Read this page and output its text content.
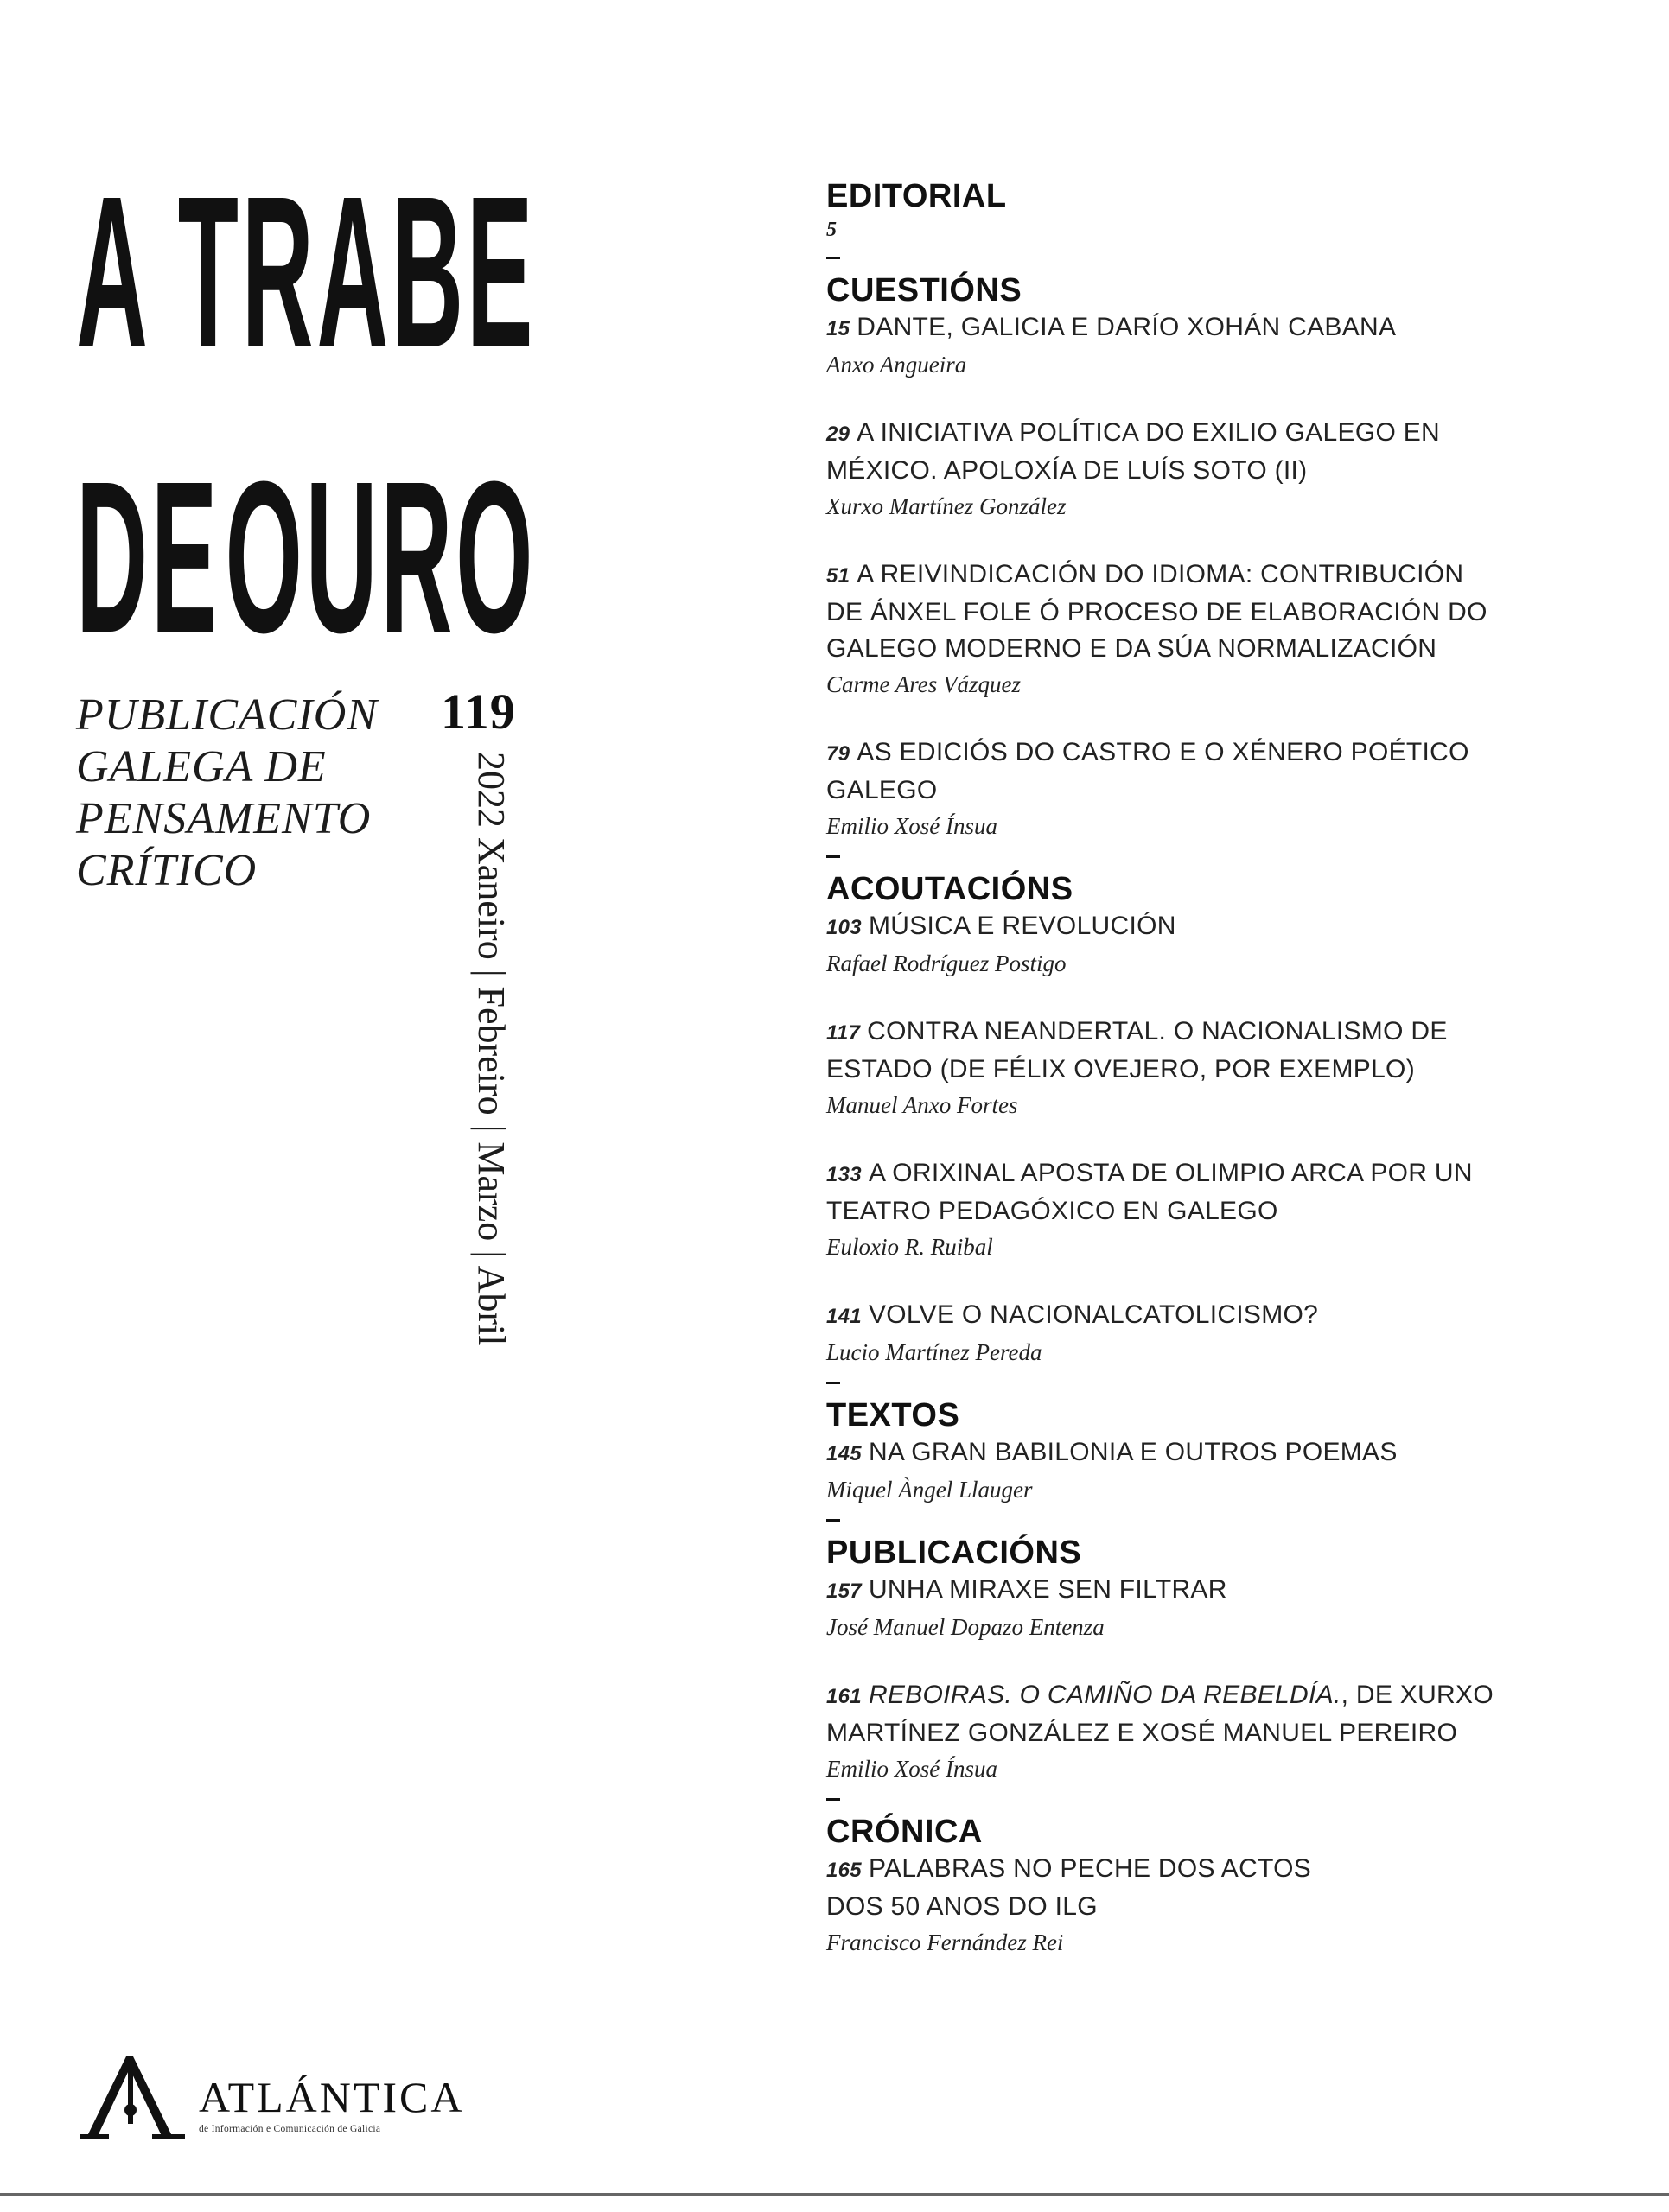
A TRABE
DE OURO
PUBLICACIÓN
GALEGA DE
PENSAMENTO
CRÍTICO
119
2022 Xaneiro | Febreiro | Marzo | Abril
EDITORIAL
5
CUESTIÓNS
15 DANTE, GALICIA E DARÍO XOHÁN CABANA
Anxo Angueira
29 A INICIATIVA POLÍTICA DO EXILIO GALEGO EN
MÉXICO. APOLOXÍA DE LUÍS SOTO (II)
Xurxo Martínez González
51 A REIVINDICACIÓN DO IDIOMA: CONTRIBUCIÓN
DE ÁNXEL FOLE Ó PROCESO DE ELABORACIÓN DO
GALEGO MODERNO E DA SÚA NORMALIZACIÓN
Carme Ares Vázquez
79 AS EDICIÓS DO CASTRO E O XÉNERO POÉTICO
GALEGO
Emilio Xosé Ínsua
ACOUTACIÓNS
103 MÚSICA E REVOLUCIÓN
Rafael Rodríguez Postigo
117 CONTRA NEANDERTAL. O NACIONALISMO DE
ESTADO (DE FÉLIX OVEJERO, POR EXEMPLO)
Manuel Anxo Fortes
133 A ORIXINAL APOSTA DE OLIMPIO ARCA POR UN
TEATRO PEDAGÓXICO EN GALEGO
Euloxio R. Ruibal
141 VOLVE O NACIONALCATOLICISMO?
Lucio Martínez Pereda
TEXTOS
145 NA GRAN BABILONIA E OUTROS POEMAS
Miquel Àngel Llauger
PUBLICACIÓNS
157 UNHA MIRAXE SEN FILTRAR
José Manuel Dopazo Entenza
161 REBOIRAS. O CAMIÑO DA REBELDÍA., DE XURXO
MARTÍNEZ GONZÁLEZ E XOSÉ MANUEL PEREIRO
Emilio Xosé Ínsua
CRÓNICA
165 PALABRAS NO PECHE DOS ACTOS
DOS 50 ANOS DO ILG
Francisco Fernández Rei
ATLÁNTICA
de Información e Comunicación de Galicia
